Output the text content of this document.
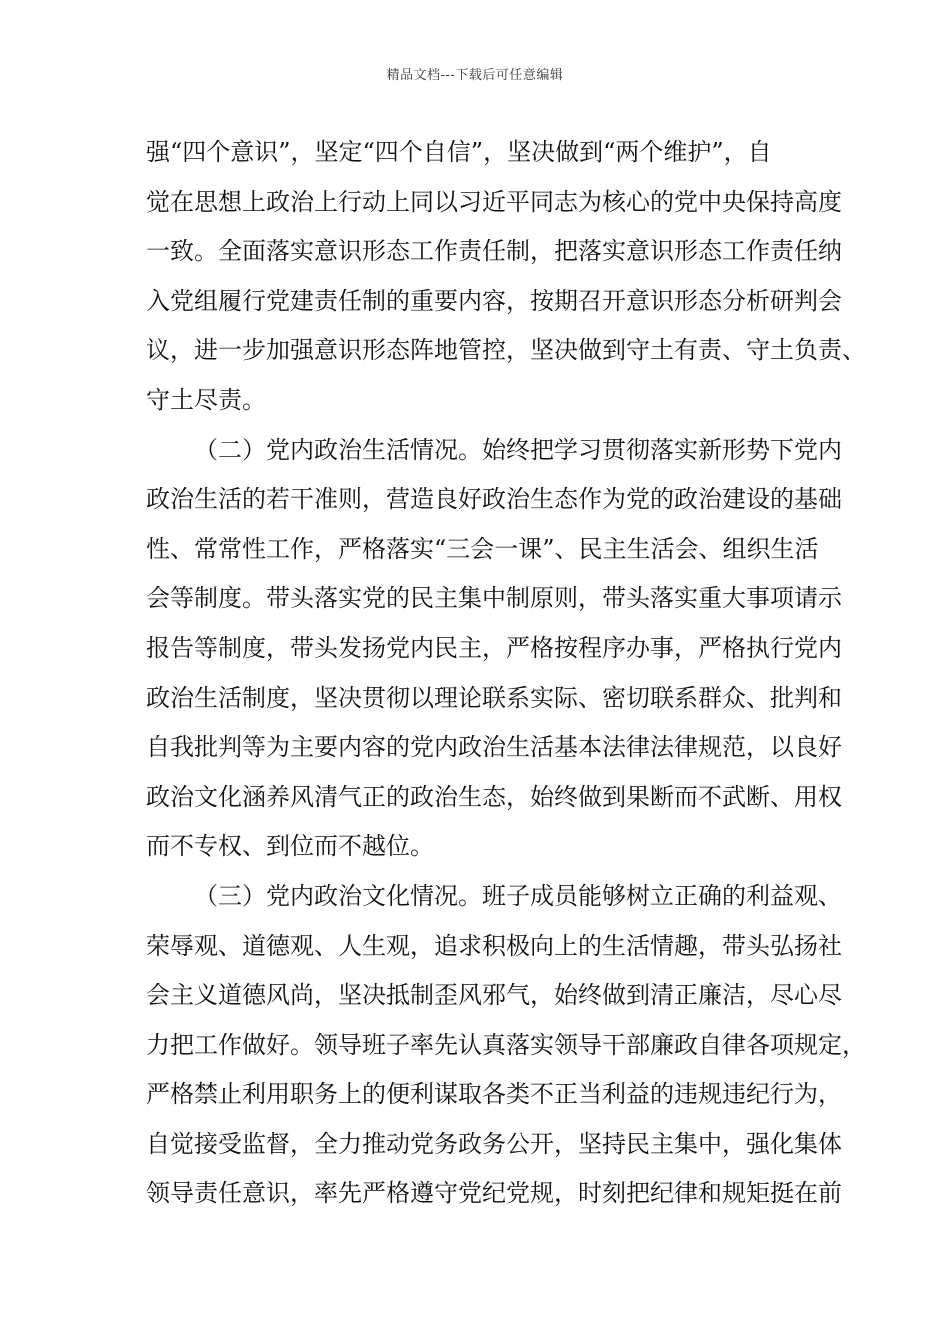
精品文档---下载后可任意编辑
强“四个意识”，坚定“四个自信”，坚决做到“两个维护”，自
觉在思想上政治上行动上同以习近平同志为核心的党中央保持高度
一致。全面落实意识形态工作责任制，把落实意识形态工作责任纳
入党组履行党建责任制的重要内容，按期召开意识形态分析研判会
议，进一步加强意识形态阵地管控，坚决做到守土有责、守土负责、
守土尽责。
（二）党内政治生活情况。始终把学习贯彻落实新形势下党内
政治生活的若干准则，营造良好政治生态作为党的政治建设的基础
性、常常性工作，严格落实“三会一课”、民主生活会、组织生活
会等制度。带头落实党的民主集中制原则，带头落实重大事项请示
报告等制度，带头发扬党内民主，严格按程序办事，严格执行党内
政治生活制度，坚决贯彻以理论联系实际、密切联系群众、批判和
自我批判等为主要内容的党内政治生活基本法律法律规范，以良好
政治文化涵养风清气正的政治生态，始终做到果断而不武断、用权
而不专权、到位而不越位。
（三）党内政治文化情况。班子成员能够树立正确的利益观、
荣辱观、道德观、人生观，追求积极向上的生活情趣，带头弘扬社
会主义道德风尚，坚决抵制歪风邪气，始终做到清正廉洁，尽心尽
力把工作做好。领导班子率先认真落实领导干部廉政自律各项规定，
严格禁止利用职务上的便利谋取各类不正当利益的违规违纪行为，
自觉接受监督，全力推动党务政务公开，坚持民主集中，强化集体
领导责任意识，率先严格遵守党纪党规，时刻把纪律和规矩挺在前
